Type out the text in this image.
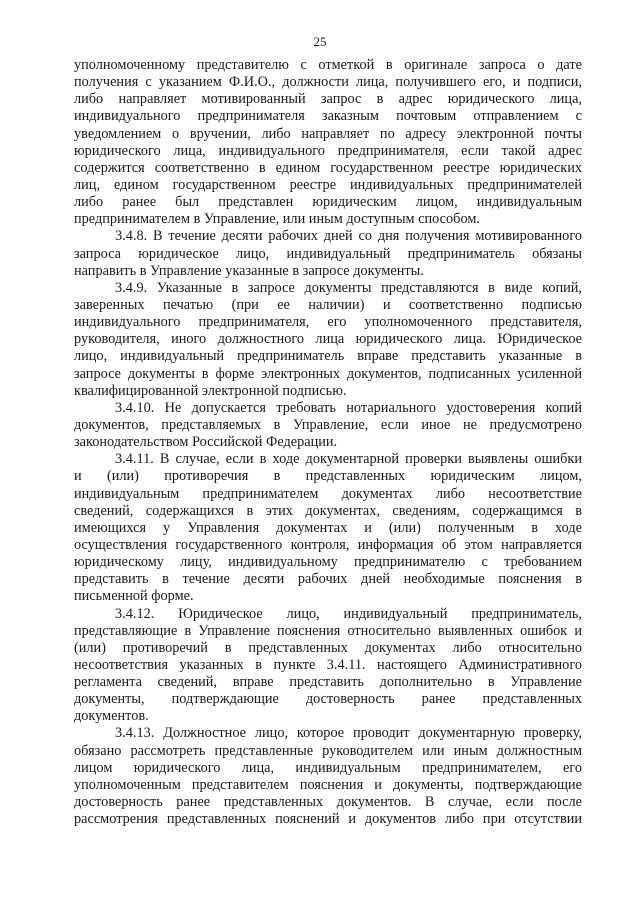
25
уполномоченному представителю с отметкой в оригинале запроса о дате
получения с указанием Ф.И.О., должности лица, получившего его, и подписи,
либо направляет мотивированный запрос в адрес юридического лица,
индивидуального предпринимателя заказным почтовым отправлением с
уведомлением о вручении, либо направляет по адресу электронной почты
юридического лица, индивидуального предпринимателя, если такой адрес
содержится соответственно в едином государственном реестре юридических
лиц, едином государственном реестре индивидуальных предпринимателей
либо ранее был представлен юридическим лицом, индивидуальным
предпринимателем в Управление, или иным доступным способом.
3.4.8. В течение десяти рабочих дней со дня получения мотивированного
запроса юридическое лицо, индивидуальный предприниматель обязаны
направить в Управление указанные в запросе документы.
3.4.9. Указанные в запросе документы представляются в виде копий,
заверенных печатью (при ее наличии) и соответственно подписью
индивидуального предпринимателя, его уполномоченного представителя,
руководителя, иного должностного лица юридического лица. Юридическое
лицо, индивидуальный предприниматель вправе представить указанные в
запросе документы в форме электронных документов, подписанных усиленной
квалифицированной электронной подписью.
3.4.10. Не допускается требовать нотариального удостоверения копий
документов, представляемых в Управление, если иное не предусмотрено
законодательством Российской Федерации.
3.4.11. В случае, если в ходе документарной проверки выявлены ошибки
и (или) противоречия в представленных юридическим лицом,
индивидуальным предпринимателем документах либо несоответствие
сведений, содержащихся в этих документах, сведениям, содержащимся в
имеющихся у Управления документах и (или) полученным в ходе
осуществления государственного контроля, информация об этом направляется
юридическому лицу, индивидуальному предпринимателю с требованием
представить в течение десяти рабочих дней необходимые пояснения в
письменной форме.
3.4.12. Юридическое лицо, индивидуальный предприниматель,
представляющие в Управление пояснения относительно выявленных ошибок и
(или) противоречий в представленных документах либо относительно
несоответствия указанных в пункте 3.4.11. настоящего Административного
регламента сведений, вправе представить дополнительно в Управление
документы, подтверждающие достоверность ранее представленных
документов.
3.4.13. Должностное лицо, которое проводит документарную проверку,
обязано рассмотреть представленные руководителем или иным должностным
лицом юридического лица, индивидуальным предпринимателем, его
уполномоченным представителем пояснения и документы, подтверждающие
достоверность ранее представленных документов. В случае, если после
рассмотрения представленных пояснений и документов либо при отсутствии
